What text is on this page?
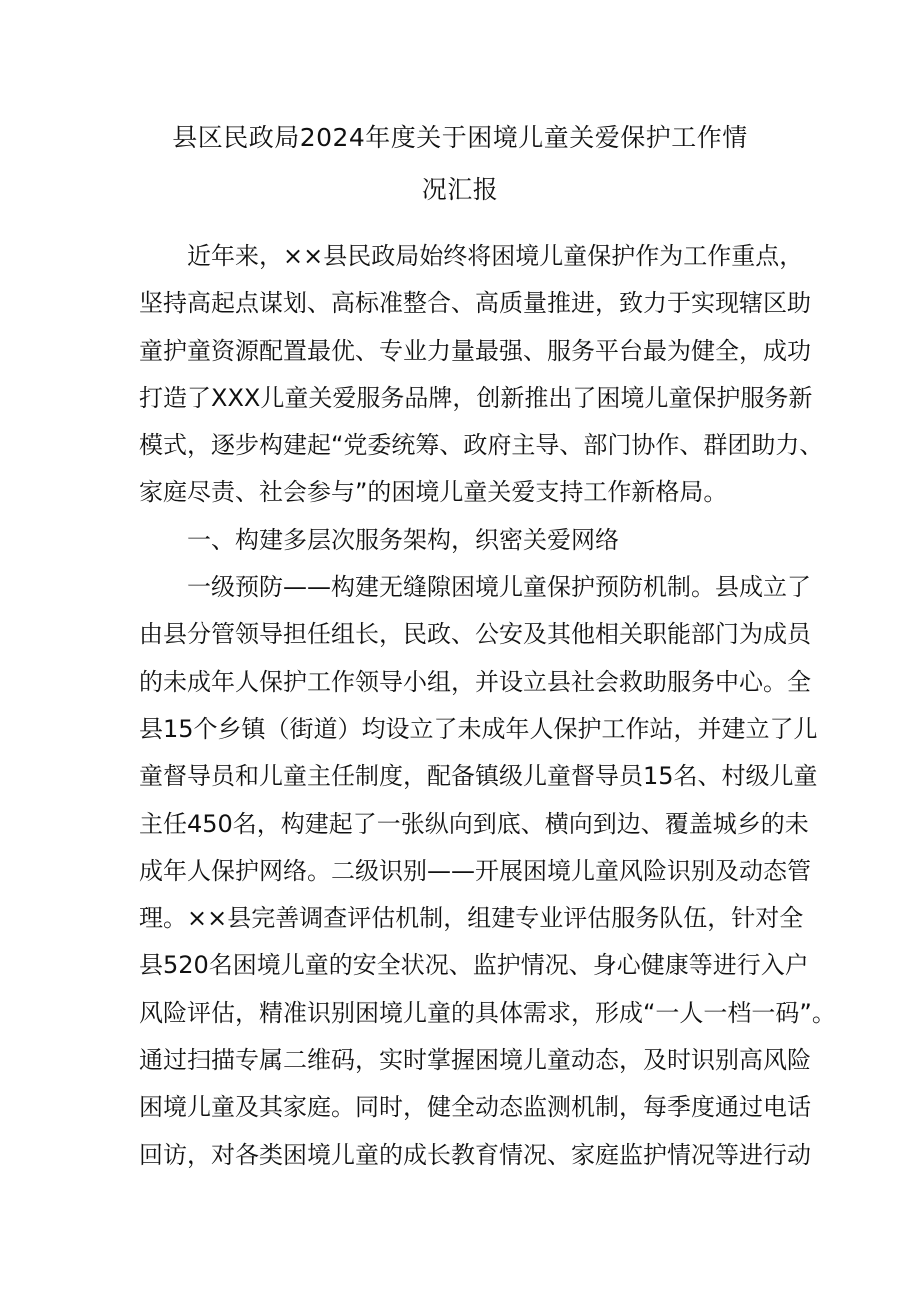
县区民政局2024年度关于困境儿童关爱保护工作情
况汇报
近年来，××县民政局始终将困境儿童保护作为工作重点，
坚持高起点谋划、高标准整合、高质量推进，致力于实现辖区助
童护童资源配置最优、专业力量最强、服务平台最为健全，成功
打造了XXX儿童关爱服务品牌，创新推出了困境儿童保护服务新
模式，逐步构建起“党委统筹、政府主导、部门协作、群团助力、
家庭尽责、社会参与”的困境儿童关爱支持工作新格局。
一、构建多层次服务架构，织密关爱网络
一级预防——构建无缝隙困境儿童保护预防机制。县成立了
由县分管领导担任组长，民政、公安及其他相关职能部门为成员
的未成年人保护工作领导小组，并设立县社会救助服务中心。全
县15个乡镇（街道）均设立了未成年人保护工作站，并建立了儿
童督导员和儿童主任制度，配备镇级儿童督导员15名、村级儿童
主任450名，构建起了一张纵向到底、横向到边、覆盖城乡的未
成年人保护网络。二级识别——开展困境儿童风险识别及动态管
理。××县完善调查评估机制，组建专业评估服务队伍，针对全
县520名困境儿童的安全状况、监护情况、身心健康等进行入户
风险评估，精准识别困境儿童的具体需求，形成“一人一档一码”。
通过扫描专属二维码，实时掌握困境儿童动态，及时识别高风险
困境儿童及其家庭。同时，健全动态监测机制，每季度通过电话
回访，对各类困境儿童的成长教育情况、家庭监护情况等进行动
